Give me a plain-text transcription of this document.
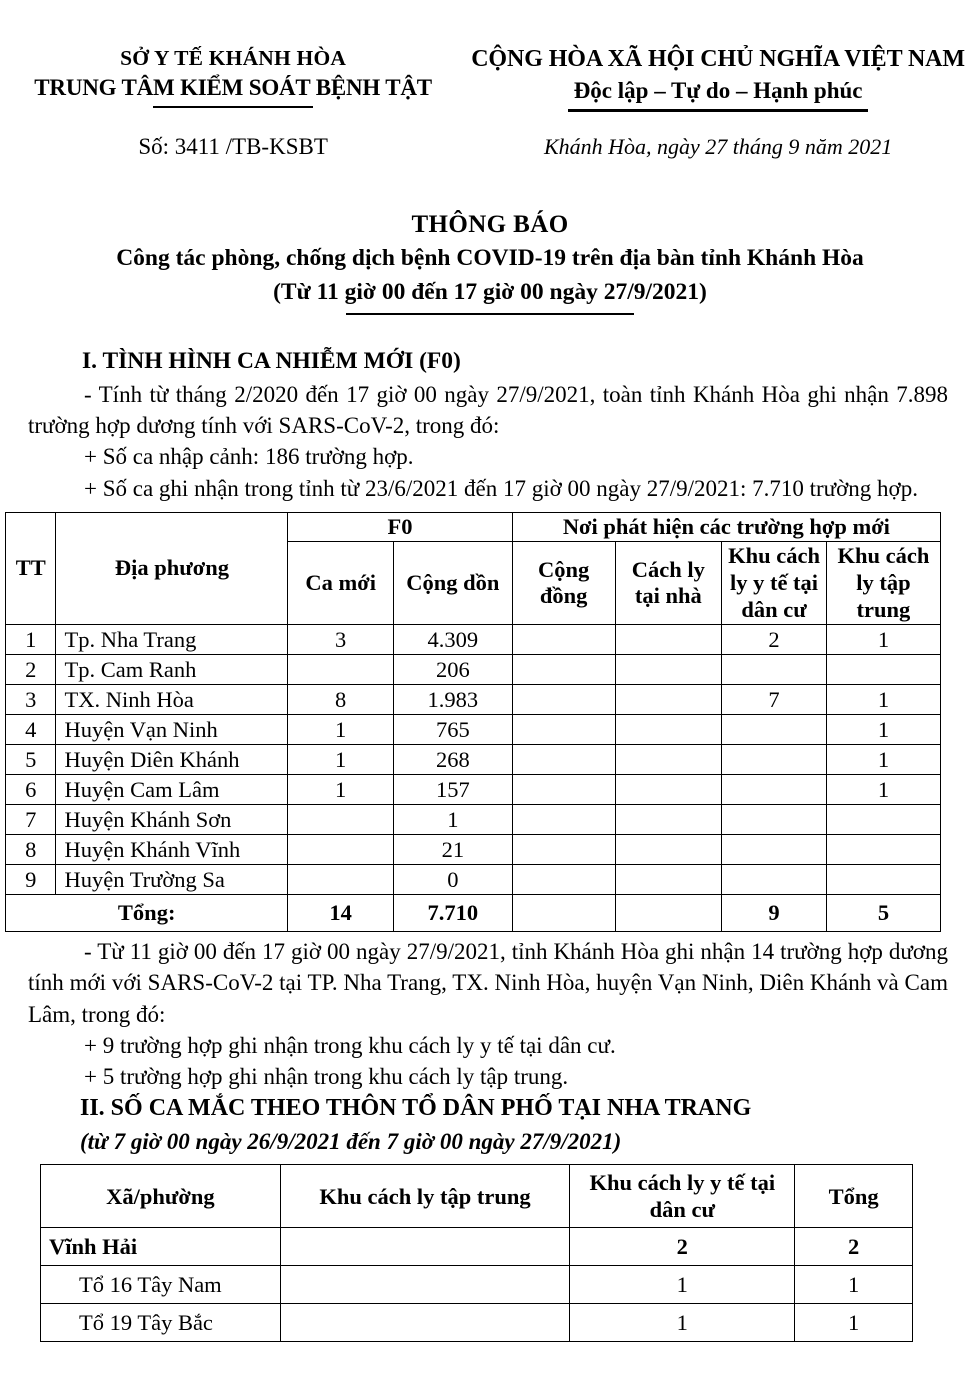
SỞ Y TẾ KHÁNH HÒA
TRUNG TÂM KIỂM SOÁT BỆNH TẬT
CỘNG HÒA XÃ HỘI CHỦ NGHĨA VIỆT NAM
Độc lập – Tự do – Hạnh phúc
Số: 3411 /TB-KSBT	Khánh Hòa, ngày 27 tháng 9 năm 2021
THÔNG BÁO
Công tác phòng, chống dịch bệnh COVID-19 trên địa bàn tỉnh Khánh Hòa
(Từ 11 giờ 00 đến 17 giờ 00 ngày 27/9/2021)
I. TÌNH HÌNH CA NHIỄM MỚI (F0)
- Tính từ tháng 2/2020 đến 17 giờ 00 ngày 27/9/2021, toàn tỉnh Khánh Hòa ghi nhận 7.898 trường hợp dương tính với SARS-CoV-2, trong đó:
+ Số ca nhập cảnh: 186 trường hợp.
+ Số ca ghi nhận trong tỉnh từ 23/6/2021 đến 17 giờ 00 ngày 27/9/2021: 7.710 trường hợp.
TT	Địa phương	F0		Nơi phát hiện các trường hợp mới			
		Ca mới	Cộng dồn	Cộng đồng	Cách ly tại nhà	Khu cách ly y tế tại dân cư	Khu cách ly tập trung
1	Tp. Nha Trang	3	4.309			2	1
2	Tp. Cam Ranh		206				
3	TX. Ninh Hòa	8	1.983			7	1
4	Huyện Vạn Ninh	1	765				1
5	Huyện Diên Khánh	1	268				1
6	Huyện Cam Lâm	1	157				1
7	Huyện Khánh Sơn		1				
8	Huyện Khánh Vĩnh		21				
9	Huyện Trường Sa		0				
Tổng:		14	7.710			9	5
- Từ 11 giờ 00 đến 17 giờ 00 ngày 27/9/2021, tỉnh Khánh Hòa ghi nhận 14 trường hợp dương tính mới với SARS-CoV-2 tại TP. Nha Trang, TX. Ninh Hòa, huyện Vạn Ninh, Diên Khánh và Cam Lâm, trong đó:
+ 9 trường hợp ghi nhận trong khu cách ly y tế tại dân cư.
+ 5 trường hợp ghi nhận trong khu cách ly tập trung.
II. SỐ CA MẮC THEO THÔN TỔ DÂN PHỐ TẠI NHA TRANG
(từ 7 giờ 00 ngày 26/9/2021 đến 7 giờ 00 ngày 27/9/2021)
Xã/phường	Khu cách ly tập trung	Khu cách ly y tế tại dân cư	Tổng
Vĩnh Hải		2	2
Tổ 16 Tây Nam		1	1
Tổ 19 Tây Bắc		1	1
